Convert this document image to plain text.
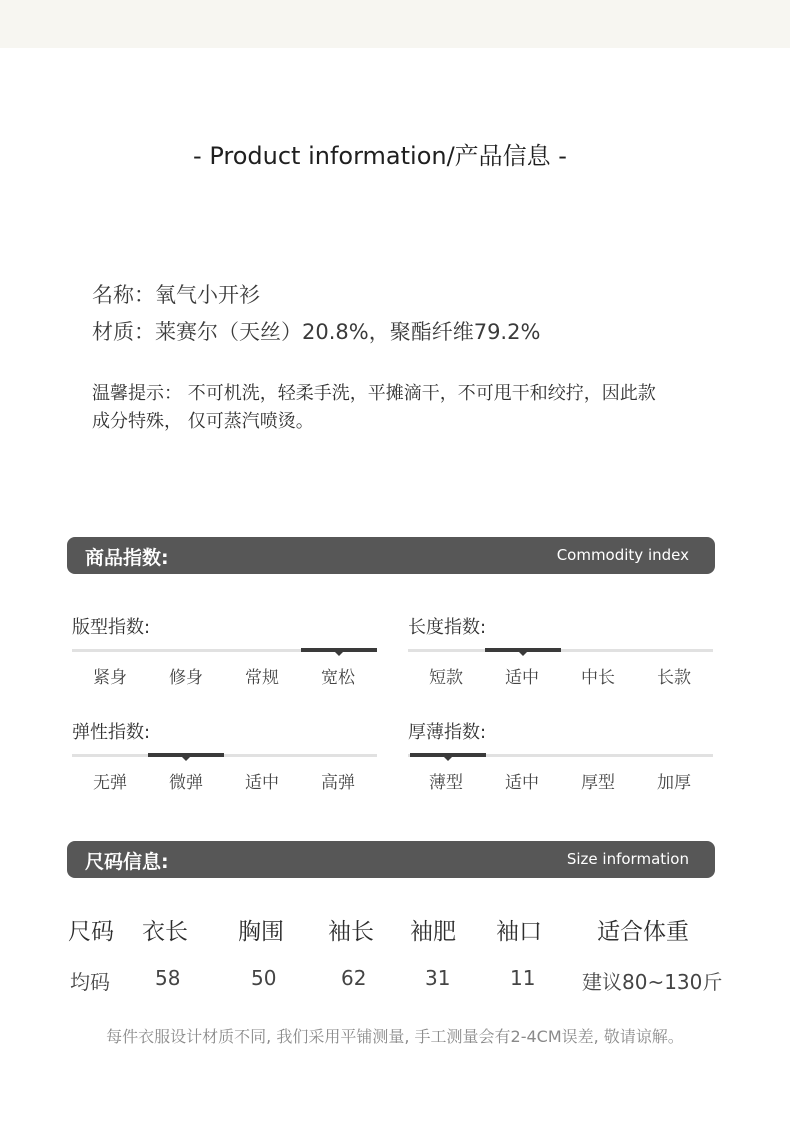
- Product information/产品信息 -
名称：氧气小开衫
材质：莱赛尔（天丝）20.8%，聚酯纤维79.2%
温馨提示： 不可机洗，轻柔手洗，平摊滴干，不可甩干和绞拧，因此款
成分特殊， 仅可蒸汽喷烫。
商品指数:	Commodity index
版型指数:
紧身	修身	常规	宽松
长度指数:
短款	适中	中长	长款
弹性指数:
无弹	微弹	适中	高弹
厚薄指数:
薄型	适中	厚型	加厚
尺码信息:	Size information
尺码 衣长 胸围 袖长 袖肥 袖口 适合体重
均码 58	50	62	31	11 建议80~130斤
每件衣服设计材质不同, 我们采用平铺测量, 手工测量会有2-4CM误差, 敬请谅解。
